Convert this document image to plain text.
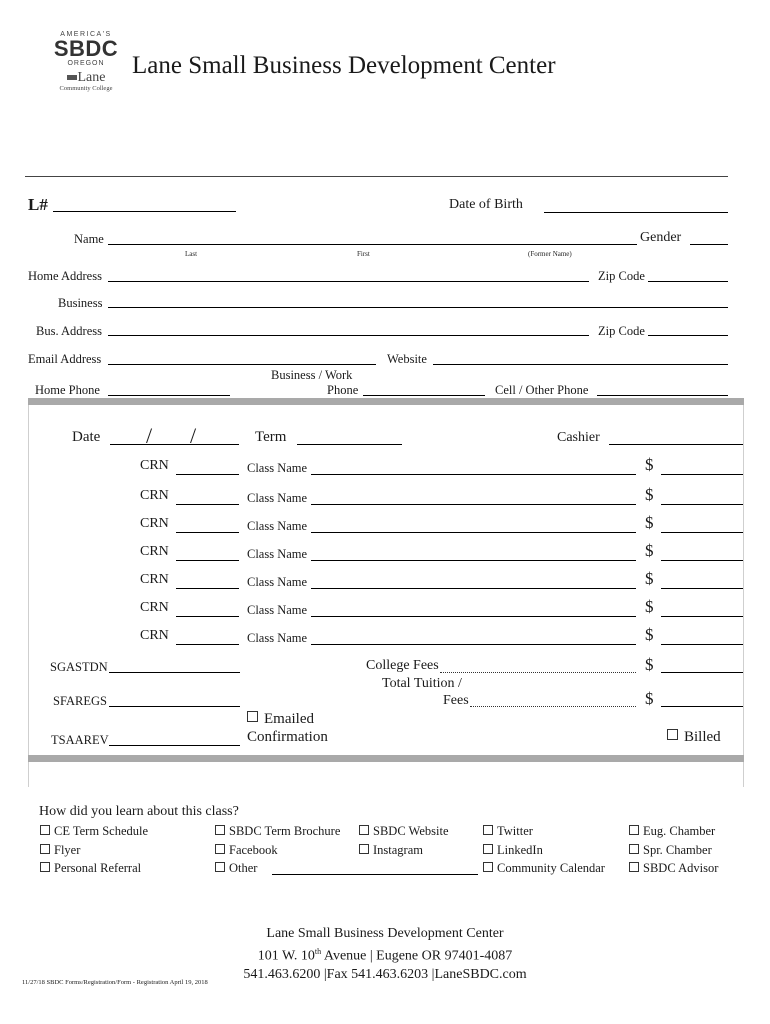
AMERICA'S
SBDC
OREGON
Lane
Community College
Lane Small Business Development Center
L#	Date of Birth
Name
Last	First	(Former Name)
Gender
Home Address	Zip Code
Business
Bus. Address	Zip Code
Email Address	Website
Business / Work
Phone
Home Phone	Cell / Other Phone
Date / /	Term	Cashier
CRN	Class Name	$
CRN	Class Name	$
CRN	Class Name	$
CRN	Class Name	$
CRN	Class Name	$
CRN	Class Name	$
CRN	Class Name	$
SGASTDN	College Fees	$
Total Tuition /
Fees	$
SFAREGS
Emailed
Confirmation
TSAAREV	Billed
How did you learn about this class?
CE Term Schedule	SBDC Term Brochure	SBDC Website	Twitter	Eug. Chamber
Flyer	Facebook	Instagram	LinkedIn	Spr. Chamber
Personal Referral	Other	Community Calendar	SBDC Advisor
Lane Small Business Development Center
101 W. 10th Avenue | Eugene OR 97401-4087
541.463.6200 |Fax 541.463.6203 |LaneSBDC.com
11/27/18 SBDC Forms/Registration/Form - Registration April 19, 2018
